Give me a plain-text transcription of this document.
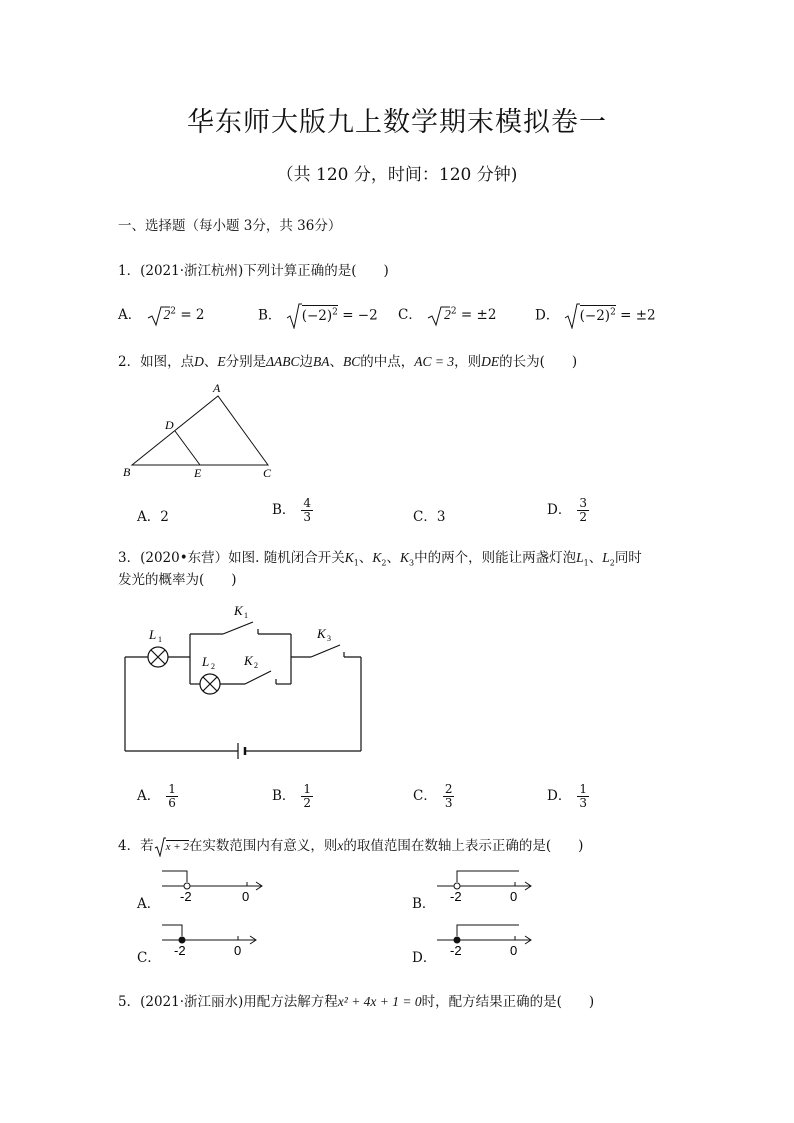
华东师大版九上数学期末模拟卷一
（共 120 分，时间：120 分钟)
一、选择题（每小题 3分，共 36分）
1．(2021·浙江杭州)下列计算正确的是(　　)
A． $2^2 = 2$	B． $(-2)^2 = -2$ C． $2^2 = \pm 2$	D． $(-2)^2 = \pm 2$
2．如图，点D、E分别是ΔABC边BA、BC的中点，AC = 3，则DE的长为(　　)
A
B	C
D
E
A．2	B． $\frac{4}{3}$	C．3	D． $\frac{3}{2}$
3．(2020•东营）如图. 随机闭合开关$K_1$、$K_2$、$K_3$中的两个，则能让两盏灯泡$L_1$、$L_2$同时
发光的概率为(　　)
L 1
L 2
K 1
K 2
K 3
A． $\frac{1}{6}$	B． $\frac{1}{2}$	C． $\frac{2}{3}$	D． $\frac{1}{3}$
4．若 x + 2在实数范围内有意义，则x的取值范围在数轴上表示正确的是(　　)
A． -2	0	B． -2	0
C． -2	0	D． -2	0
5．(2021·浙江丽水)用配方法解方程x² + 4x + 1 = 0时，配方结果正确的是(　　)
